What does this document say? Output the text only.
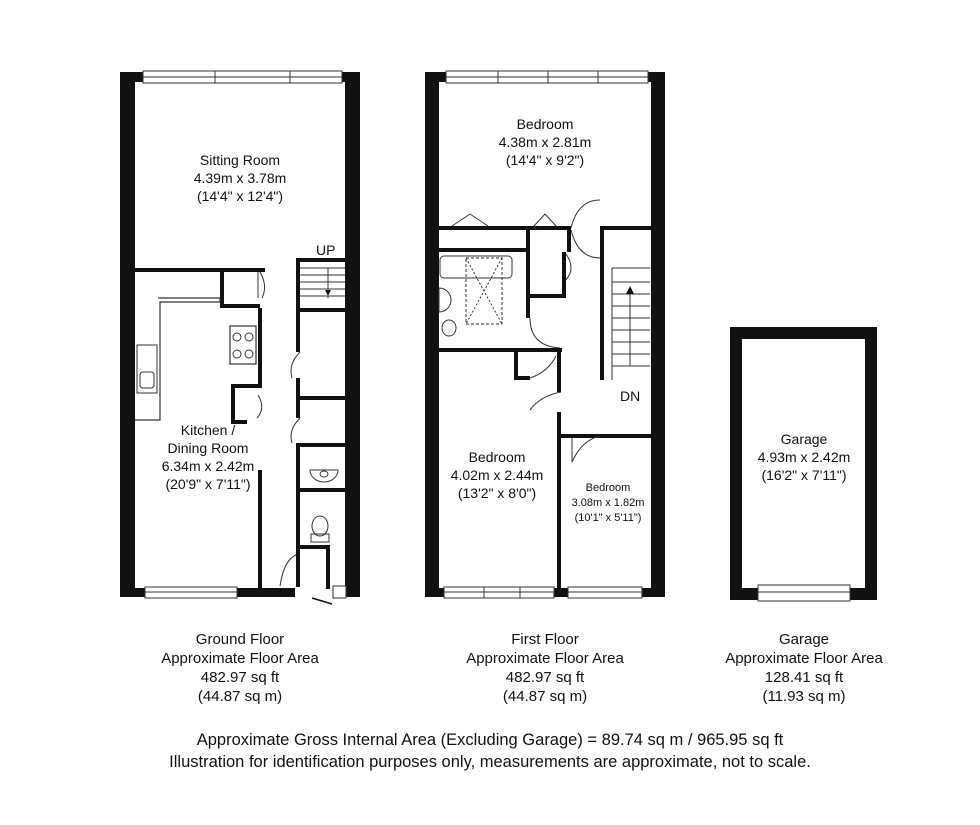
Sitting Room
4.39m x 3.78m
(14'4" x 12'4")
UP
Kitchen /
Dining Room
6.34m x 2.42m
(20'9" x 7'11")
Bedroom
4.38m x 2.81m
(14'4" x 9'2")
DN
Bedroom
4.02m x 2.44m
(13'2" x 8'0")	Bedroom
3.08m x 1.82m
(10'1" x 5'11")
Garage
4.93m x 2.42m
(16'2" x 7'11")
Ground Floor
Approximate Floor Area
482.97 sq ft
(44.87 sq m)
First Floor
Approximate Floor Area
482.97 sq ft
(44.87 sq m)
Garage
Approximate Floor Area
128.41 sq ft
(11.93 sq m)
Approximate Gross Internal Area (Excluding Garage) = 89.74 sq m / 965.95 sq ft
Illustration for identification purposes only, measurements are approximate, not to scale.
